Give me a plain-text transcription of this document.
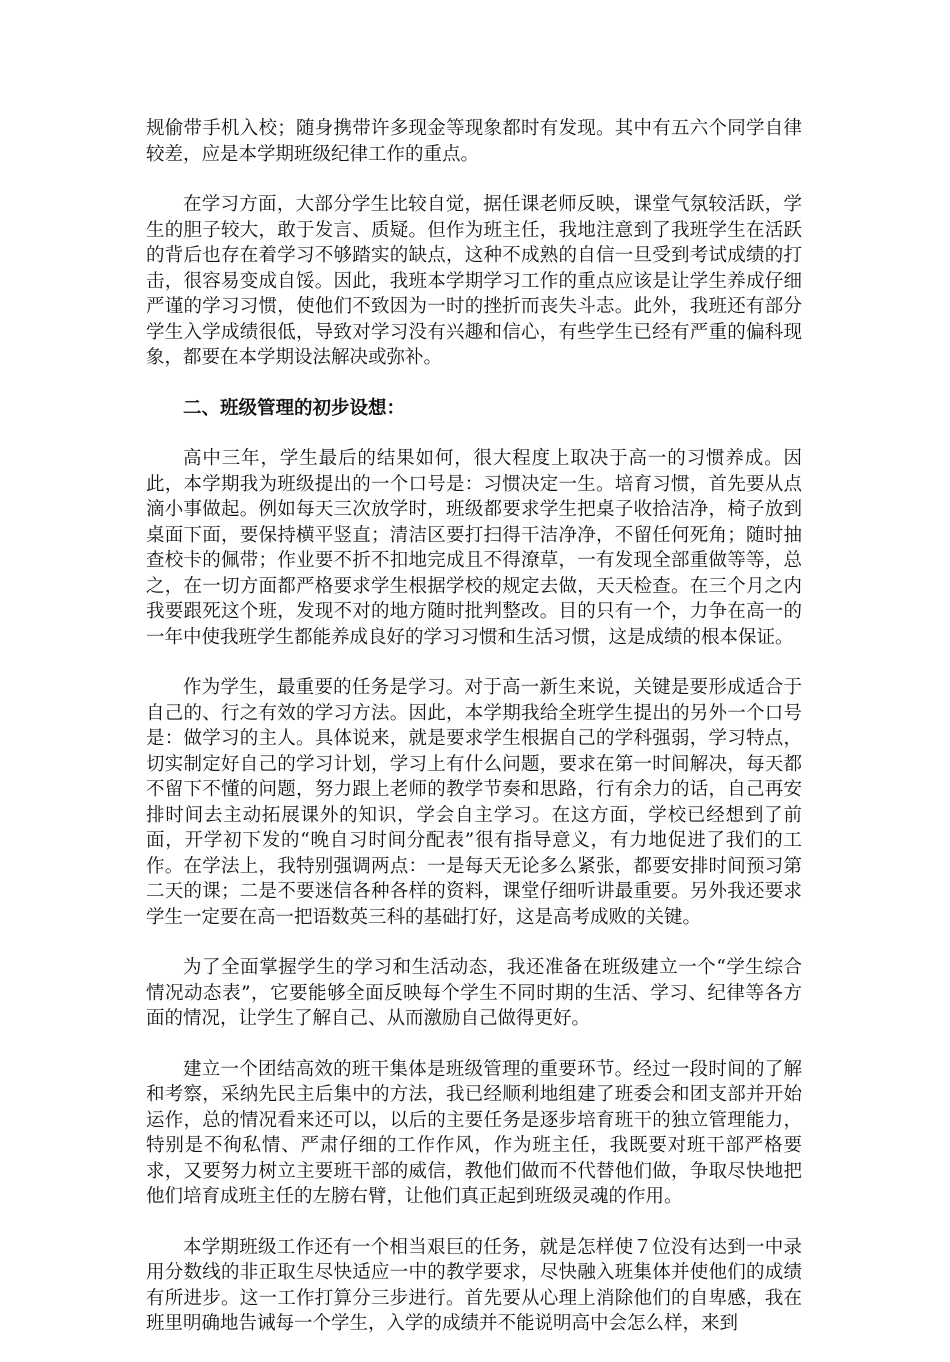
规偷带手机入校；随身携带许多现金等现象都时有发现。其中有五六个同学自律较差，应是本学期班级纪律工作的重点。

在学习方面，大部分学生比较自觉，据任课老师反映，课堂气氛较活跃，学生的胆子较大，敢于发言、质疑。但作为班主任，我地注意到了我班学生在活跃的背后也存在着学习不够踏实的缺点，这种不成熟的自信一旦受到考试成绩的打击，很容易变成自馁。因此，我班本学期学习工作的重点应该是让学生养成仔细严谨的学习习惯，使他们不致因为一时的挫折而丧失斗志。此外，我班还有部分学生入学成绩很低，导致对学习没有兴趣和信心，有些学生已经有严重的偏科现象，都要在本学期设法解决或弥补。

二、班级管理的初步设想：

高中三年，学生最后的结果如何，很大程度上取决于高一的习惯养成。因此，本学期我为班级提出的一个口号是：习惯决定一生。培育习惯，首先要从点滴小事做起。例如每天三次放学时，班级都要求学生把桌子收拾洁净，椅子放到桌面下面，要保持横平竖直；清洁区要打扫得干洁净净，不留任何死角；随时抽查校卡的佩带；作业要不折不扣地完成且不得潦草，一有发现全部重做等等，总之，在一切方面都严格要求学生根据学校的规定去做，天天检查。在三个月之内我要跟死这个班，发现不对的地方随时批判整改。目的只有一个，力争在高一的一年中使我班学生都能养成良好的学习习惯和生活习惯，这是成绩的根本保证。

作为学生，最重要的任务是学习。对于高一新生来说，关键是要形成适合于自己的、行之有效的学习方法。因此，本学期我给全班学生提出的另外一个口号是：做学习的主人。具体说来，就是要求学生根据自己的学科强弱，学习特点，切实制定好自己的学习计划，学习上有什么问题，要求在第一时间解决，每天都不留下不懂的问题，努力跟上老师的教学节奏和思路，行有余力的话，自己再安排时间去主动拓展课外的知识，学会自主学习。在这方面，学校已经想到了前面，开学初下发的“晚自习时间分配表”很有指导意义，有力地促进了我们的工作。在学法上，我特别强调两点：一是每天无论多么紧张，都要安排时间预习第二天的课；二是不要迷信各种各样的资料，课堂仔细听讲最重要。另外我还要求学生一定要在高一把语数英三科的基础打好，这是高考成败的关键。

为了全面掌握学生的学习和生活动态，我还准备在班级建立一个“学生综合情况动态表”，它要能够全面反映每个学生不同时期的生活、学习、纪律等各方面的情况，让学生了解自己、从而激励自己做得更好。

建立一个团结高效的班干集体是班级管理的重要环节。经过一段时间的了解和考察，采纳先民主后集中的方法，我已经顺利地组建了班委会和团支部并开始运作，总的情况看来还可以，以后的主要任务是逐步培育班干的独立管理能力，特别是不徇私情、严肃仔细的工作作风，作为班主任，我既要对班干部严格要求，又要努力树立主要班干部的威信，教他们做而不代替他们做，争取尽快地把他们培育成班主任的左膀右臂，让他们真正起到班级灵魂的作用。

本学期班级工作还有一个相当艰巨的任务，就是怎样使７位没有达到一中录用分数线的非正取生尽快适应一中的教学要求，尽快融入班集体并使他们的成绩有所进步。这一工作打算分三步进行。首先要从心理上消除他们的自卑感，我在班里明确地告诫每一个学生，入学的成绩并不能说明高中会怎么样，来到
